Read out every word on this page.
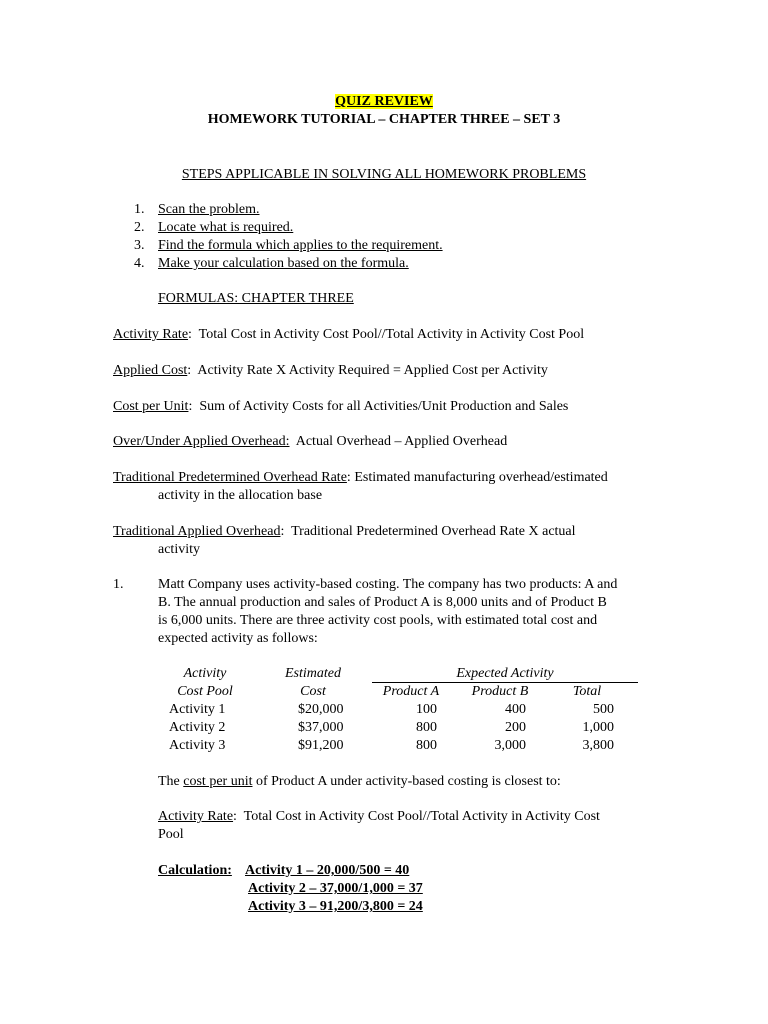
QUIZ REVIEW
HOMEWORK TUTORIAL – CHAPTER THREE – SET 3
STEPS APPLICABLE IN SOLVING ALL HOMEWORK PROBLEMS
1. Scan the problem.
2. Locate what is required.
3. Find the formula which applies to the requirement.
4. Make your calculation based on the formula.
FORMULAS: CHAPTER THREE
Activity Rate:  Total Cost in Activity Cost Pool//Total Activity in Activity Cost Pool
Applied Cost:  Activity Rate X Activity Required = Applied Cost per Activity
Cost per Unit:  Sum of Activity Costs for all Activities/Unit Production and Sales
Over/Under Applied Overhead:  Actual Overhead – Applied Overhead
Traditional Predetermined Overhead Rate: Estimated manufacturing overhead/estimated
activity in the allocation base
Traditional Applied Overhead:  Traditional Predetermined Overhead Rate X actual
activity
1. Matt Company uses activity-based costing. The company has two products: A and
B. The annual production and sales of Product A is 8,000 units and of Product B
is 6,000 units. There are three activity cost pools, with estimated total cost and
expected activity as follows:
Activity	Estimated	Expected Activity
Cost Pool	Cost	Product A	Product B	Total
Activity 1	$20,000	100	400	500
Activity 2	$37,000	800	200	1,000
Activity 3	$91,200	800	3,000	3,800
The cost per unit of Product A under activity-based costing is closest to:
Activity Rate:  Total Cost in Activity Cost Pool//Total Activity in Activity Cost
Pool
Calculation: Activity 1 – 20,000/500 = 40
Activity 2 – 37,000/1,000 = 37
Activity 3 – 91,200/3,800 = 24
